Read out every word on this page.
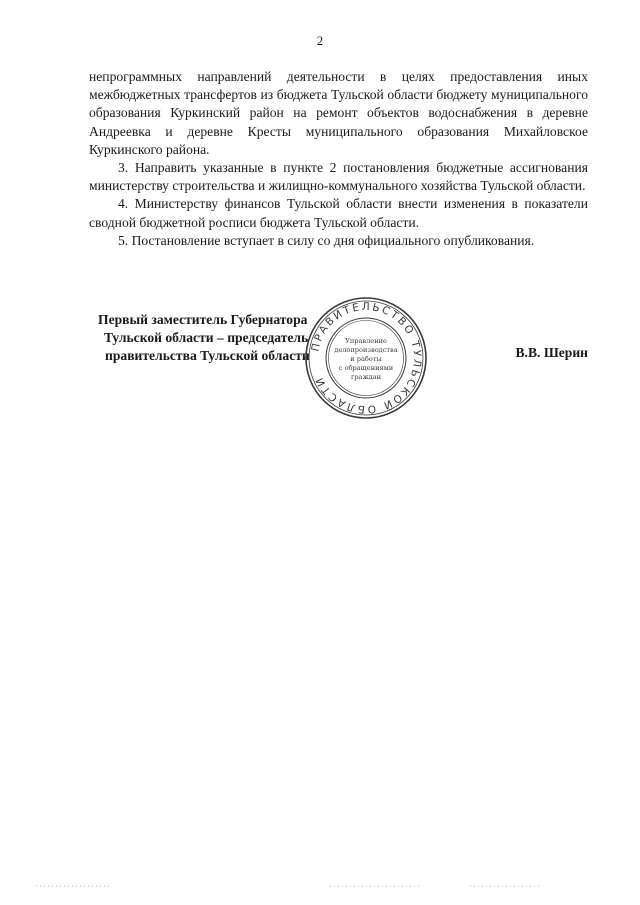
2

непрограммных направлений деятельности в целях предоставления иных межбюджетных трансфертов из бюджета Тульской области бюджету муниципального образования Куркинский район на ремонт объектов водоснабжения в деревне Андреевка и деревне Кресты муниципального образования Михайловское Куркинского района.

3. Направить указанные в пункте 2 постановления бюджетные ассигнования министерству строительства и жилищно-коммунального хозяйства Тульской области.

4. Министерству финансов Тульской области внести изменения в показатели сводной бюджетной росписи бюджета Тульской области.

5. Постановление вступает в силу со дня официального опубликования.

Первый заместитель Губернатора
Тульской области – председатель
правительства Тульской области	В.В. Шерин
ПРАВИТЕЛЬСТВО ТУЛЬСКОЙ ОБЛАСТИ
Управление
делопроизводства
и работы
с обращениями
граждан
